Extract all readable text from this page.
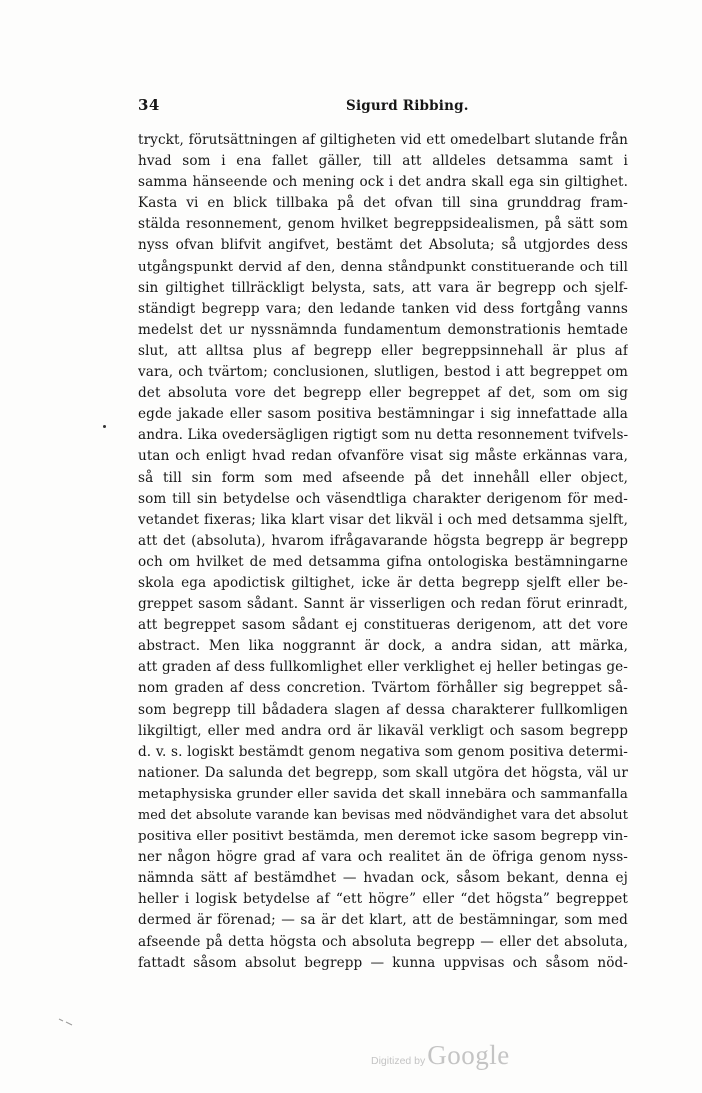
34	Sigurd Ribbing.
tryckt, förutsättningen af giltigheten vid ett omedelbart slutande från
hvad som i ena fallet gäller, till att alldeles detsamma samt i
samma hänseende och mening ock i det andra skall ega sin giltighet.
Kasta vi en blick tillbaka på det ofvan till sina grunddrag fram-
stälda resonnement, genom hvilket begreppsidealismen, på sätt som
nyss ofvan blifvit angifvet, bestämt det Absoluta; så utgjordes dess
utgångspunkt dervid af den, denna ståndpunkt constituerande och till
sin giltighet tillräckligt belysta, sats, att vara är begrepp och sjelf-
ständigt begrepp vara; den ledande tanken vid dess fortgång vanns
medelst det ur nyssnämnda fundamentum demonstrationis hemtade
slut, att alltsa plus af begrepp eller begreppsinnehall är plus af
vara, och tvärtom; conclusionen, slutligen, bestod i att begreppet om
det absoluta vore det begrepp eller begreppet af det, som om sig
egde jakade eller sasom positiva bestämningar i sig innefattade alla
andra. Lika ovedersägligen rigtigt som nu detta resonnement tvifvels-
utan och enligt hvad redan ofvanföre visat sig måste erkännas vara,
så till sin form som med afseende på det innehåll eller object,
som till sin betydelse och väsendtliga charakter derigenom för med-
vetandet fixeras; lika klart visar det likväl i och med detsamma sjelft,
att det (absoluta), hvarom ifrågavarande högsta begrepp är begrepp
och om hvilket de med detsamma gifna ontologiska bestämningarne
skola ega apodictisk giltighet, icke är detta begrepp sjelft eller be-
greppet sasom sådant. Sannt är visserligen och redan förut erinradt,
att begreppet sasom sådant ej constitueras derigenom, att det vore
abstract. Men lika noggrannt är dock, a andra sidan, att märka,
att graden af dess fullkomlighet eller verklighet ej heller betingas ge-
nom graden af dess concretion. Tvärtom förhåller sig begreppet så-
som begrepp till bådadera slagen af dessa charakterer fullkomligen
likgiltigt, eller med andra ord är likaväl verkligt och sasom begrepp
d. v. s. logiskt bestämdt genom negativa som genom positiva determi-
nationer. Da salunda det begrepp, som skall utgöra det högsta, väl ur
metaphysiska grunder eller savida det skall innebära och sammanfalla
med det absolute varande kan bevisas med nödvändighet vara det absolut
positiva eller positivt bestämda, men deremot icke sasom begrepp vin-
ner någon högre grad af vara och realitet än de öfriga genom nyss-
nämnda sätt af bestämdhet — hvadan ock, såsom bekant, denna ej
heller i logisk betydelse af “ett högre” eller “det högsta” begreppet
dermed är förenad; — sa är det klart, att de bestämningar, som med
afseende på detta högsta och absoluta begrepp — eller det absoluta,
fattadt såsom absolut begrepp — kunna uppvisas och såsom nöd-
Digitized by Google
